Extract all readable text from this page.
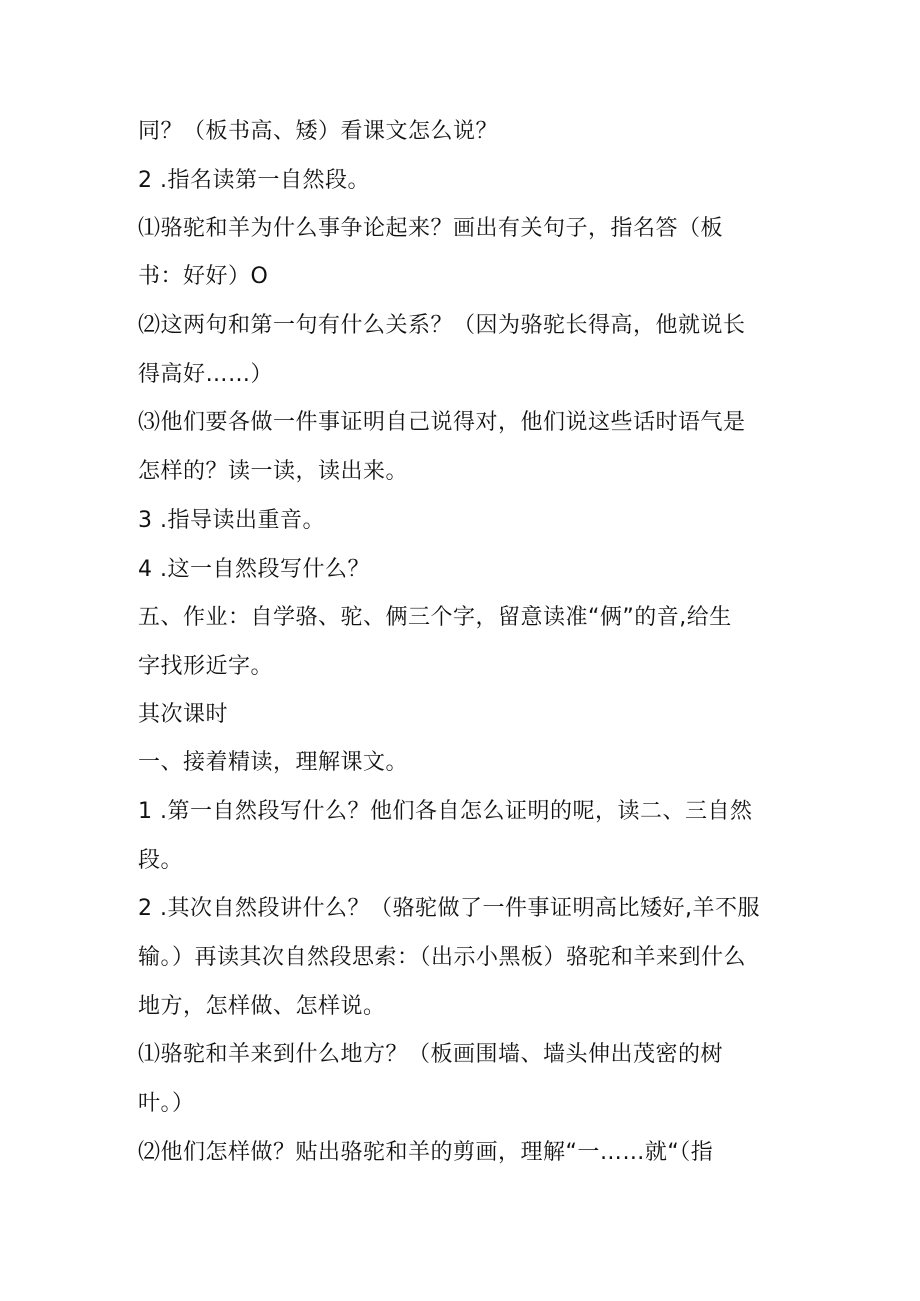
同？（板书高、矮）看课文怎么说？
2 .指名读第一自然段。
⑴骆驼和羊为什么事争论起来？画出有关句子，指名答（板
书：好好）O
⑵这两句和第一句有什么关系？（因为骆驼长得高，他就说长
得高好……）
⑶他们要各做一件事证明自己说得对，他们说这些话时语气是
怎样的？读一读，读出来。
3 .指导读出重音。
4 .这一自然段写什么？
五、作业：自学骆、驼、俩三个字，留意读准“俩”的音,给生
字找形近字。
其次课时
一、接着精读，理解课文。
1 .第一自然段写什么？他们各自怎么证明的呢，读二、三自然
段。
2 .其次自然段讲什么？（骆驼做了一件事证明高比矮好,羊不服
输。）再读其次自然段思索：（出示小黑板）骆驼和羊来到什么
地方，怎样做、怎样说。
⑴骆驼和羊来到什么地方？（板画围墙、墙头伸出茂密的树
叶。）
⑵他们怎样做？贴出骆驼和羊的剪画，理解“一……就“（指
